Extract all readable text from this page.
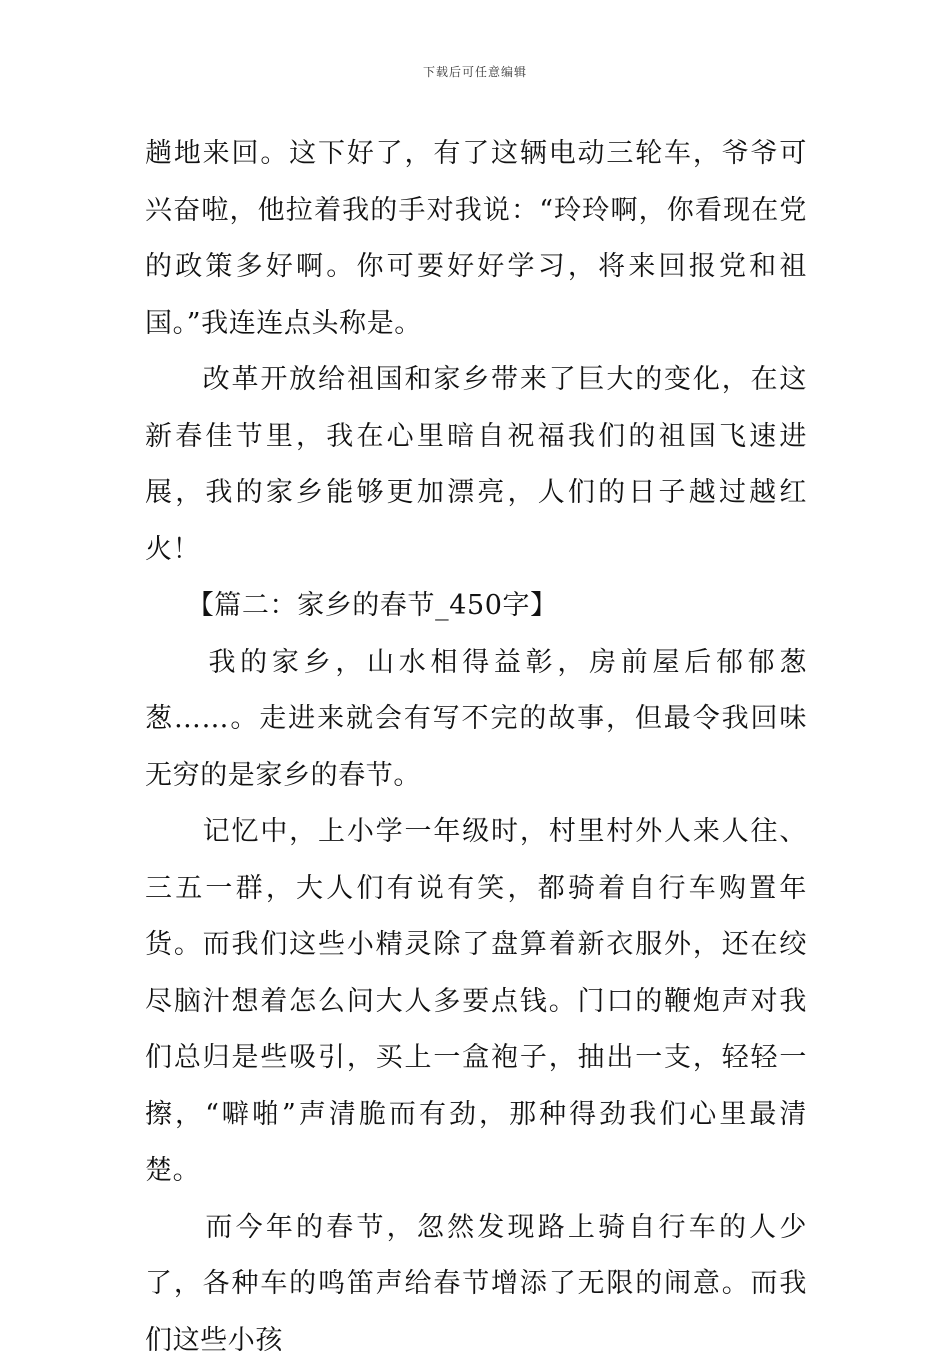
下载后可任意编辑

趟地来回。这下好了，有了这辆电动三轮车，爷爷可兴奋啦，他拉着我的手对我说：“玲玲啊，你看现在党的政策多好啊。你可要好好学习，将来回报党和祖国。”我连连点头称是。

　　改革开放给祖国和家乡带来了巨大的变化，在这新春佳节里，我在心里暗自祝福我们的祖国飞速进展，我的家乡能够更加漂亮，人们的日子越过越红火！

　　【篇二：家乡的春节_450字】

　　我的家乡，山水相得益彰，房前屋后郁郁葱葱……。走进来就会有写不完的故事，但最令我回味无穷的是家乡的春节。

　　记忆中，上小学一年级时，村里村外人来人往、三五一群，大人们有说有笑，都骑着自行车购置年货。而我们这些小精灵除了盘算着新衣服外，还在绞尽脑汁想着怎么问大人多要点钱。门口的鞭炮声对我们总归是些吸引，买上一盒袍子，抽出一支，轻轻一擦，“噼啪”声清脆而有劲，那种得劲我们心里最清楚。

　　而今年的春节，忽然发现路上骑自行车的人少了，各种车的鸣笛声给春节增添了无限的闹意。而我们这些小孩
